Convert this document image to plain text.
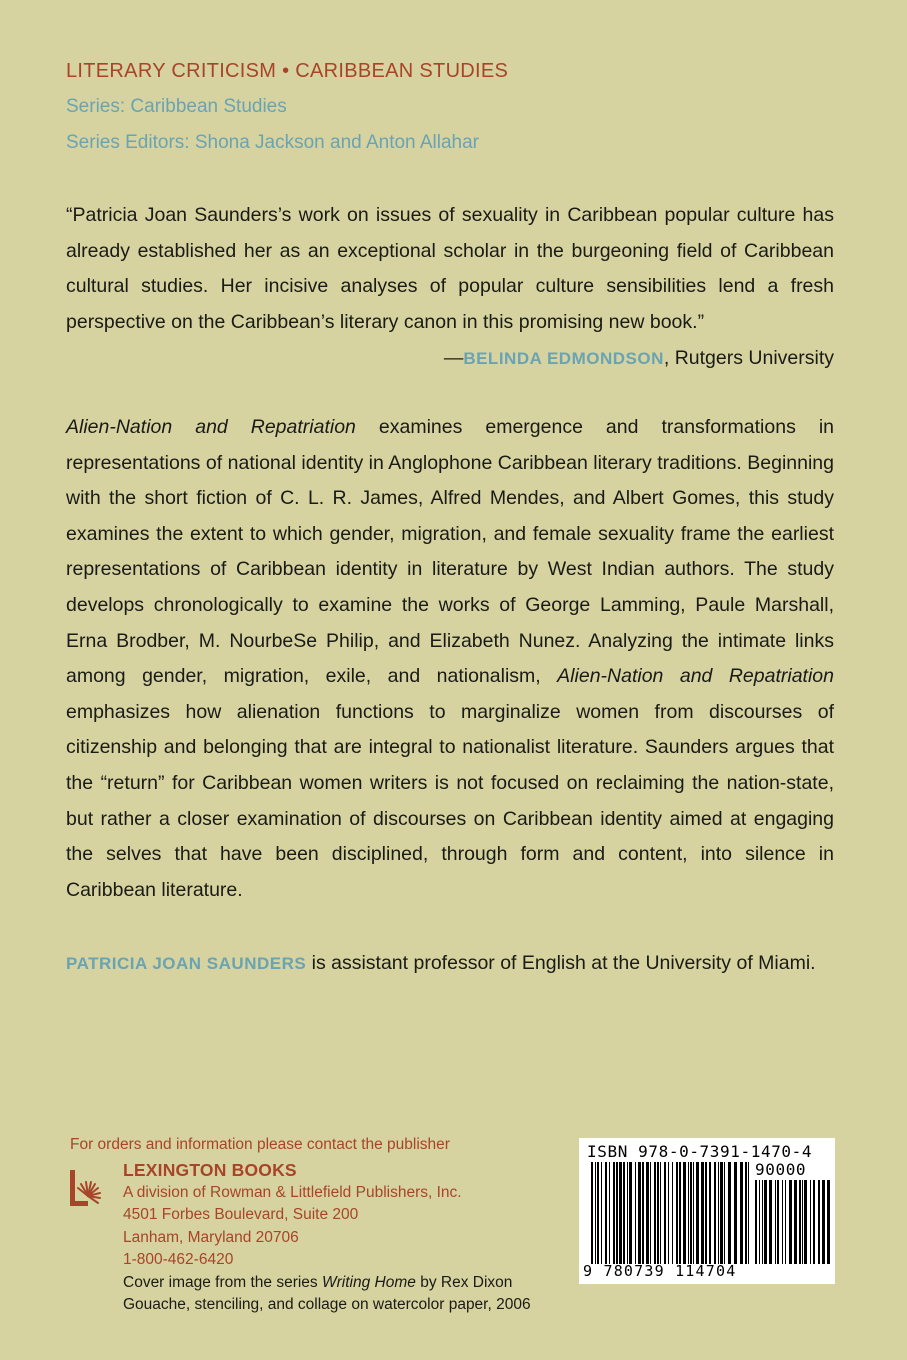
LITERARY CRITICISM • CARIBBEAN STUDIES
Series: Caribbean Studies
Series Editors: Shona Jackson and Anton Allahar
“Patricia Joan Saunders’s work on issues of sexuality in Caribbean popular culture has already established her as an exceptional scholar in the burgeoning field of Caribbean cultural studies. Her incisive analyses of popular culture sensibilities lend a fresh perspective on the Caribbean’s literary canon in this promising new book.”
—BELINDA EDMONDSON, Rutgers University
Alien-Nation and Repatriation examines emergence and transformations in representations of national identity in Anglophone Caribbean literary traditions. Beginning with the short fiction of C. L. R. James, Alfred Mendes, and Albert Gomes, this study examines the extent to which gender, migration, and female sexuality frame the earliest representations of Caribbean identity in literature by West Indian authors. The study develops chronologically to examine the works of George Lamming, Paule Marshall, Erna Brodber, M. NourbeSe Philip, and Elizabeth Nunez. Analyzing the intimate links among gender, migration, exile, and nationalism, Alien-Nation and Repatriation emphasizes how alienation functions to marginalize women from discourses of citizenship and belonging that are integral to nationalist literature. Saunders argues that the “return” for Caribbean women writers is not focused on reclaiming the nation-state, but rather a closer examination of discourses on Caribbean identity aimed at engaging the selves that have been disciplined, through form and content, into silence in Caribbean literature.
PATRICIA JOAN SAUNDERS is assistant professor of English at the University of Miami.
For orders and information please contact the publisher
LEXINGTON BOOKS
A division of Rowman & Littlefield Publishers, Inc.
4501 Forbes Boulevard, Suite 200
Lanham, Maryland 20706
1-800-462-6420
Cover image from the series Writing Home by Rex Dixon
Gouache, stenciling, and collage on watercolor paper, 2006
ISBN 978-0-7391-1470-4
90000
9 780739 114704
